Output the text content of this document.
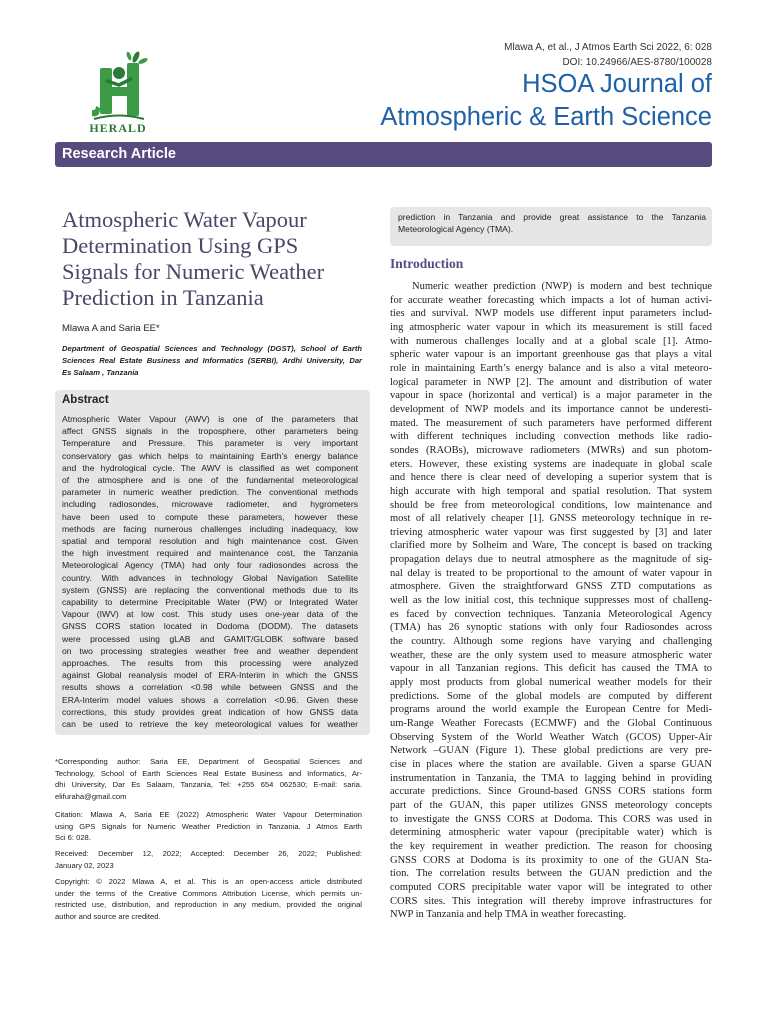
Mlawa A, et al., J Atmos Earth Sci 2022, 6: 028
DOI: 10.24966/AES-8780/100028
HERALD
HSOA Journal of
Atmospheric & Earth Science
Research Article
Atmospheric Water Vapour
Determination Using GPS
Signals for Numeric Weather
Prediction in Tanzania
Mlawa A and Saria EE*
Department of Geospatial Sciences and Technology (DGST), School of Earth
Sciences Real Estate Business and Informatics (SERBI), Ardhi University, Dar
Es Salaam , Tanzania
Abstract
Atmospheric Water Vapour (AWV) is one of the parameters that
affect GNSS signals in the troposphere, other parameters being
Temperature and Pressure. This parameter is very important
conservatory gas which helps to maintaining Earth’s energy balance
and the hydrological cycle. The AWV is classified as wet component
of the atmosphere and is one of the fundamental meteorological
parameter in numeric weather prediction. The conventional methods
including radiosondes, microwave radiometer, and hygrometers
have been used to compute these parameters, however these
methods are facing numerous challenges including inadequacy, low
spatial and temporal resolution and high maintenance cost. Given
the high investment required and maintenance cost, the Tanzania
Meteorological Agency (TMA) had only four radiosondes across the
country. With advances in technology Global Navigation Satellite
system (GNSS) are replacing the conventional methods due to its
capability to determine Precipitable Water (PW) or Integrated Water
Vapour (IWV) at low cost. This study uses one-year data of the
GNSS CORS station located in Dodoma (DODM). The datasets
were processed using gLAB and GAMIT/GLOBK software based
on two processing strategies weather free and weather dependent
approaches. The results from this processing were analyzed
against Global reanalysis model of ERA-Interim in which the GNSS
results shows a correlation <0.98 while between GNSS and the
ERA-Interim model values shows a correlation <0.96. Given these
corrections, this study provides great indication of how GNSS data
can be used to retrieve the key meteorological values for weather
*Corresponding author: Saria EE, Department of Geospatial Sciences and
Technology, School of Earth Sciences Real Estate Business and Informatics, Ar-
dhi University, Dar Es Salaam, Tanzania, Tel: +255 654 062530; E-mail: saria.
elifuraha@gmail.com
Citation: Mlawa A, Saria EE (2022) Atmospheric Water Vapour Determination
using GPS Signals for Numeric Weather Prediction in Tanzania. J Atmos Earth
Sci 6: 028.
Received: December 12, 2022; Accepted: December 26, 2022; Published:
January 02, 2023
Copyright: © 2022 Mlawa A, et al. This is an open-access article distributed
under the terms of the Creative Commons Attribution License, which permits un-
restricted use, distribution, and reproduction in any medium, provided the original
author and source are credited.
prediction in Tanzania and provide great assistance to the Tanzania
Meteorological Agency (TMA).
Introduction
Numeric weather prediction (NWP) is modern and best technique
for accurate weather forecasting which impacts a lot of human activi-
ties and survival. NWP models use different input parameters includ-
ing atmospheric water vapour in which its measurement is still faced
with numerous challenges locally and at a global scale [1]. Atmo-
spheric water vapour is an important greenhouse gas that plays a vital
role in maintaining Earth’s energy balance and is also a vital meteoro-
logical parameter in NWP [2]. The amount and distribution of water
vapour in space (horizontal and vertical) is a major parameter in the
development of NWP models and its importance cannot be underesti-
mated. The measurement of such parameters have performed different
with different techniques including convection methods like radio-
sondes (RAOBs), microwave radiometers (MWRs) and sun photom-
eters. However, these existing systems are inadequate in global scale
and hence there is clear need of developing a superior system that is
high accurate with high temporal and spatial resolution. That system
should be free from meteorological conditions, low maintenance and
most of all relatively cheaper [1]. GNSS meteorology technique in re-
trieving atmospheric water vapour was first suggested by [3] and later
clarified more by Solheim and Ware, The concept is based on tracking
propagation delays due to neutral atmosphere as the magnitude of sig-
nal delay is treated to be proportional to the amount of water vapour in
atmosphere. Given the straightforward GNSS ZTD computations as
well as the low initial cost, this technique suppresses most of challeng-
es faced by convection techniques. Tanzania Meteorological Agency
(TMA) has 26 synoptic stations with only four Radiosondes across
the country. Although some regions have varying and challenging
weather, these are the only system used to measure atmospheric water
vapour in all Tanzanian regions. This deficit has caused the TMA to
apply most products from global numerical weather models for their
predictions. Some of the global models are computed by different
programs around the world example the European Centre for Medi-
um-Range Weather Forecasts (ECMWF) and the Global Continuous
Observing System of the World Weather Watch (GCOS) Upper-Air
Network –GUAN (Figure 1). These global predictions are very pre-
cise in places where the station are available. Given a sparse GUAN
instrumentation in Tanzania, the TMA to lagging behind in providing
accurate predictions. Since Ground-based GNSS CORS stations form
part of the GUAN, this paper utilizes GNSS meteorology concepts
to investigate the GNSS CORS at Dodoma. This CORS was used in
determining atmospheric water vapour (precipitable water) which is
the key requirement in weather prediction. The reason for choosing
GNSS CORS at Dodoma is its proximity to one of the GUAN Sta-
tion. The correlation results between the GUAN prediction and the
computed CORS precipitable water vapor will be integrated to other
CORS sites. This integration will thereby improve infrastructures for
NWP in Tanzania and help TMA in weather forecasting.
